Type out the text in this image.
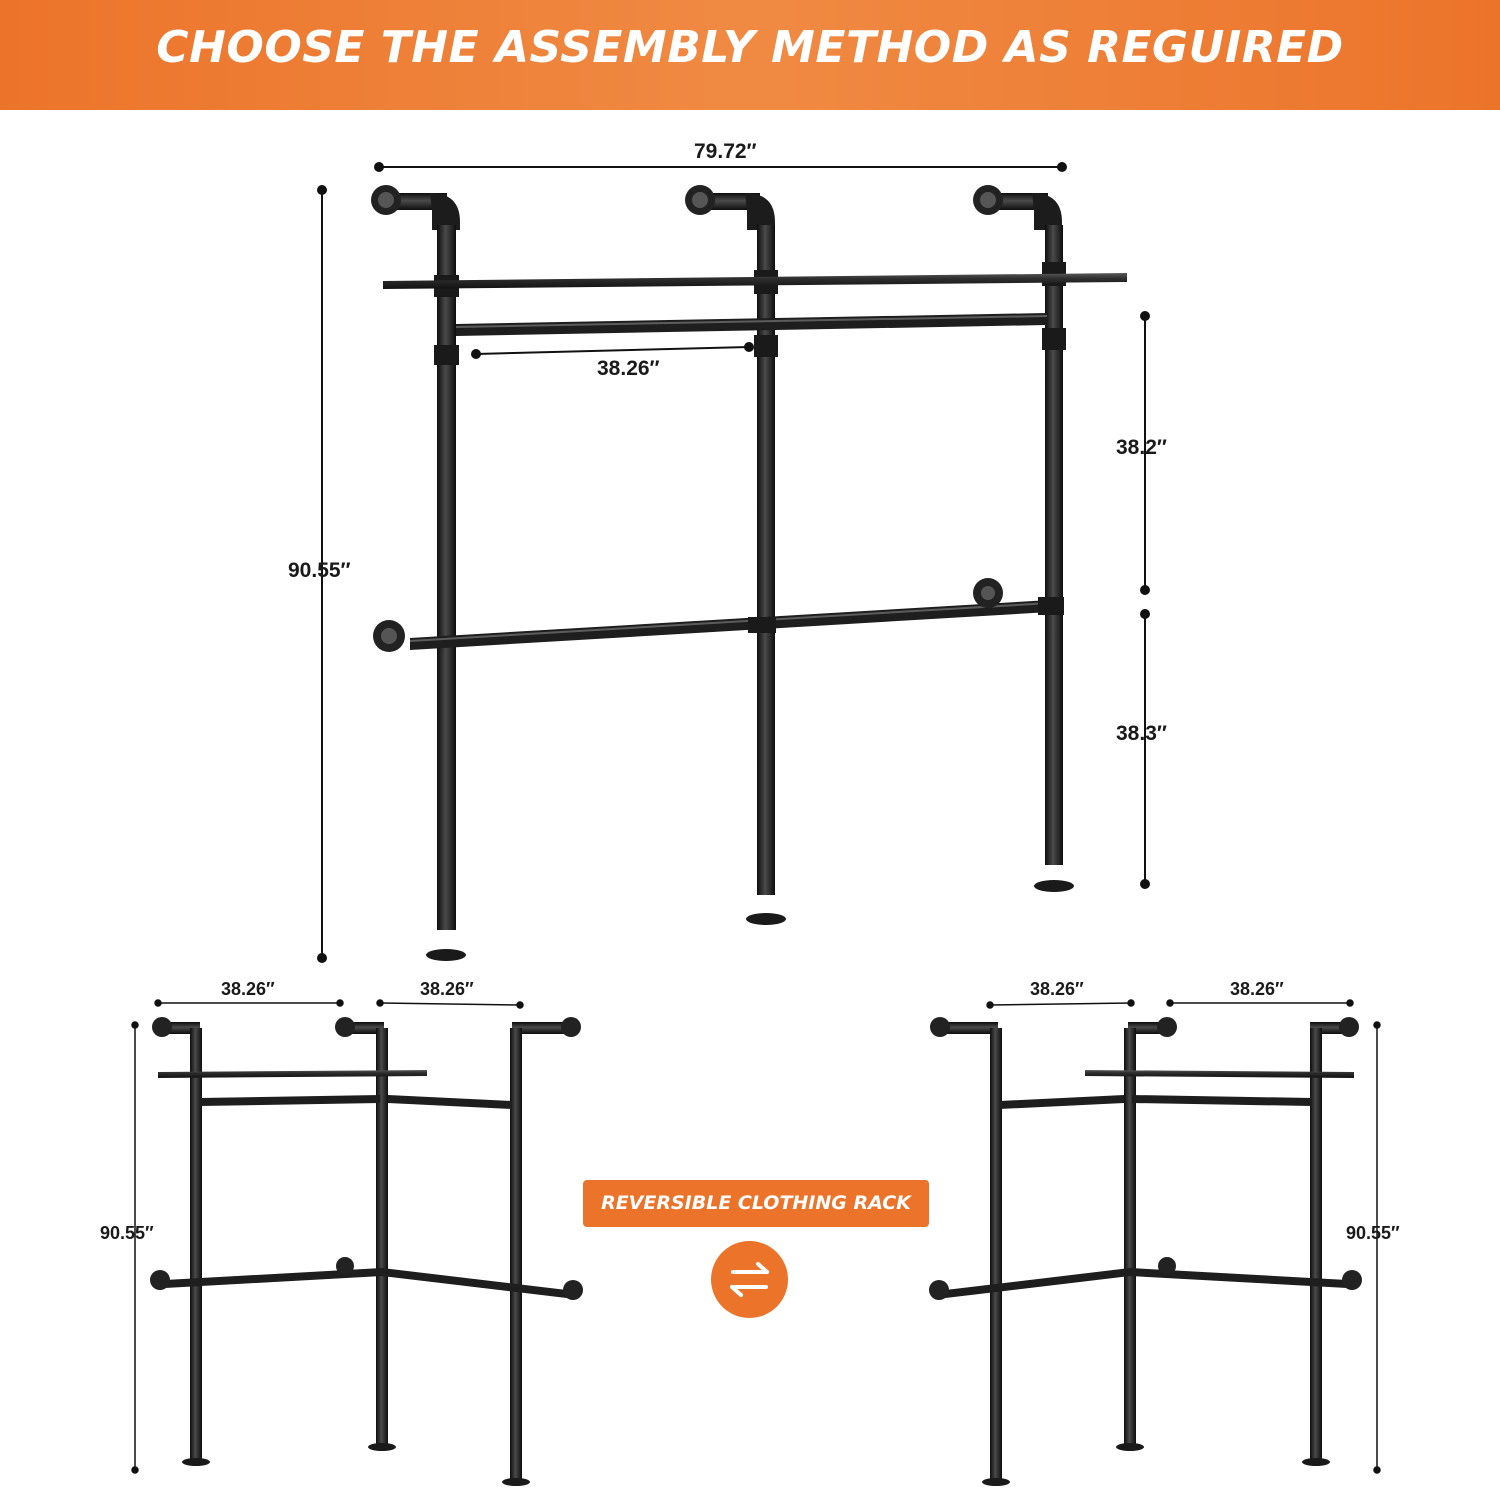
CHOOSE THE ASSEMBLY METHOD AS REGUIRED
79.72″
90.55″
38.26″
38.2″
38.3″
38.26″	38.26″
90.55″
38.26″	38.26″
90.55″
REVERSIBLE CLOTHING RACK
